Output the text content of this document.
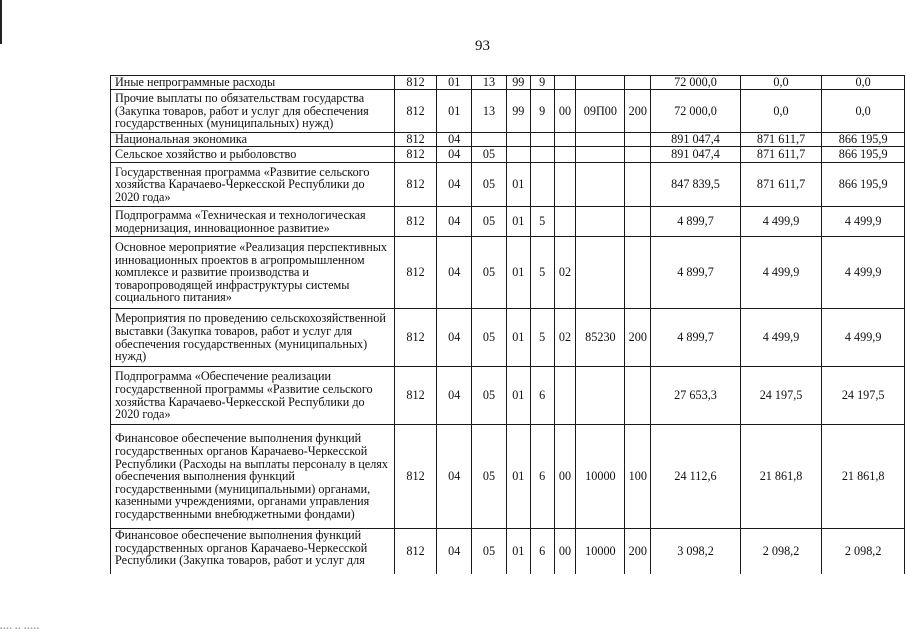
93
Иные непрограммные расходы	812	01	13	99	9				72 000,0	0,0	0,0
Прочие выплаты по обязательствам государства (Закупка товаров, работ и услуг для обеспечения государственных (муниципальных) нужд)	812	01	13	99	9	00	09П00	200	72 000,0	0,0	0,0
Национальная экономика	812	04							891 047,4	871 611,7	866 195,9
Сельское хозяйство и рыболовство	812	04	05						891 047,4	871 611,7	866 195,9
Государственная программа «Развитие сельского хозяйства Карачаево-Черкесской Республики до 2020 года»	812	04	05	01					847 839,5	871 611,7	866 195,9
Подпрограмма «Техническая и технологическая модернизация, инновационное развитие»	812	04	05	01	5				4 899,7	4 499,9	4 499,9
Основное мероприятие «Реализация перспективных инновационных проектов в агропромышленном комплексе и развитие производства и товаропроводящей инфраструктуры системы социального питания»	812	04	05	01	5	02			4 899,7	4 499,9	4 499,9
Мероприятия по проведению сельскохозяйственной выставки (Закупка товаров, работ и услуг для обеспечения государственных (муниципальных) нужд)	812	04	05	01	5	02	85230	200	4 899,7	4 499,9	4 499,9
Подпрограмма «Обеспечение реализации государственной программы «Развитие сельского хозяйства Карачаево-Черкесской Республики до 2020 года»	812	04	05	01	6				27 653,3	24 197,5	24 197,5
Финансовое обеспечение выполнения функций государственных органов Карачаево-Черкесской Республики (Расходы на выплаты персоналу в целях обеспечения выполнения функций государственными (муниципальными) органами, казенными учреждениями, органами управления государственными внебюджетными фондами)	812	04	05	01	6	00	10000	100	24 112,6	21 861,8	21 861,8
Финансовое обеспечение выполнения функций государственных органов Карачаево-Черкесской Республики (Закупка товаров, работ и услуг для	812	04	05	01	6	00	10000	200	3 098,2	2 098,2	2 098,2
▪▪▪▪ ▪▪ ▪▪▪▪▪
